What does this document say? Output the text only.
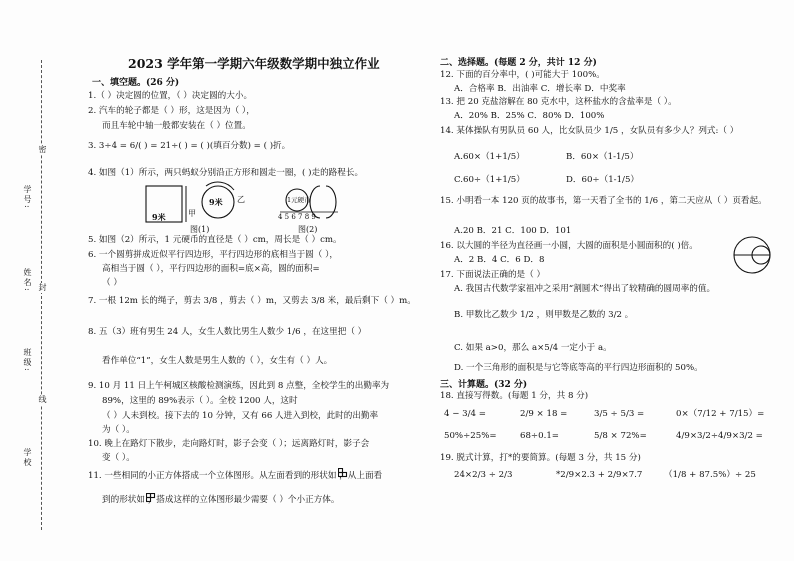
学号:
姓名:
班级:
学校
密
封
线
2023 学年第一学期六年级数学期中独立作业
一、填空题。(26 分)
1.（ ）决定圆的位置，（ ）决定圆的大小。
2. 汽车的轮子都是（ ）形，这是因为（ ），
而且车轮中轴一般都安装在（ ）位置。
3. 3÷4 = 6/( ) = 21÷( ) = ( )(填百分数) = ( )折。
4. 如图（1）所示，两只蚂蚁分别沿正方形和圆走一圈，( )走的路程长。
9米	甲
9米 乙	1元硬币
4 5 6 7 8 9
图(1)	图(2)
5. 如图（2）所示，1 元硬币的直径是（ ）cm，周长是（ ）cm。
6. 一个圆剪拼成近似平行四边形，平行四边形的底相当于圆（ ），
高相当于圆（ ），平行四边形的面积=底×高，圆的面积=
（ ）
7. 一根 12m 长的绳子，剪去 3/8 ，剪去（ ）m，又剪去 3/8 米，最后剩下（ ）m。
8. 五（3）班有男生 24 人，女生人数比男生人数少 1/6 ，在这里把（ ）
看作单位“1”，女生人数是男生人数的（ ），女生有（ ）人。
9. 10 月 11 日上午柯城区核酸检测演练，因此到 8 点整，全校学生的出勤率为
89%，这里的 89%表示（ ）。全校 1200 人，这时
（ ）人未到校。接下去的 10 分钟，又有 66 人进入到校，此时的出勤率
为（ ）。
10. 晚上在路灯下散步，走向路灯时，影子会变（ ）；远离路灯时，影子会
变（ ）。
11. 一些相同的小正方体搭成一个立体图形。从左面看到的形状如 ，从上面看
到的形状如 ，搭成这样的立体图形最少需要（ ）个小正方体。
二、选择题。(每题 2 分，共计 12 分)
12. 下面的百分率中，( )可能大于 100%。
A．合格率 B．出油率 C．增长率 D．中奖率
13. 把 20 克盐溶解在 80 克水中，这杯盐水的含盐率是（ ）。
A．20% B．25% C．80% D．100%
14. 某体操队有男队员 60 人，比女队员少 1/5 ，女队员有多少人？列式:（ ）
A.60×（1+1/5）	B．60×（1-1/5）
C.60÷（1+1/5）	D．60÷（1-1/5）
15. 小明看一本 120 页的故事书，第一天看了全书的 1/6 ，第二天应从（ ）页看起。
A.20 B．21 C．100 D．101
16. 以大圆的半径为直径画一小圆，大圆的面积是小圆面积的( )倍。
A．2 B．4 C．6 D．8
17. 下面说法正确的是（ ）
A. 我国古代数学家祖冲之采用“割圆术”得出了较精确的圆周率的值。
B. 甲数比乙数少 1/2 ，则甲数是乙数的 3/2 。
C. 如果 a>0，那么 a×5/4 一定小于 a。
D. 一个三角形的面积是与它等底等高的平行四边形面积的 50%。
三、计算题。(32 分)
18. 直接写得数。(每题 1 分，共 8 分)
4 − 3/4 =	2/9 × 18 =	3/5 ÷ 5/3 =	0×（7/12 + 7/15）=
50%÷25%=	68÷0.1=	5/8 × 72%=	4/9×3/2÷4/9×3/2 =
19. 脱式计算，打*的要简算。(每题 3 分，共 15 分)
24×2/3 ÷ 2/3	*2/9×2.3 + 2/9×7.7	（1/8 + 87.5%）÷ 25
